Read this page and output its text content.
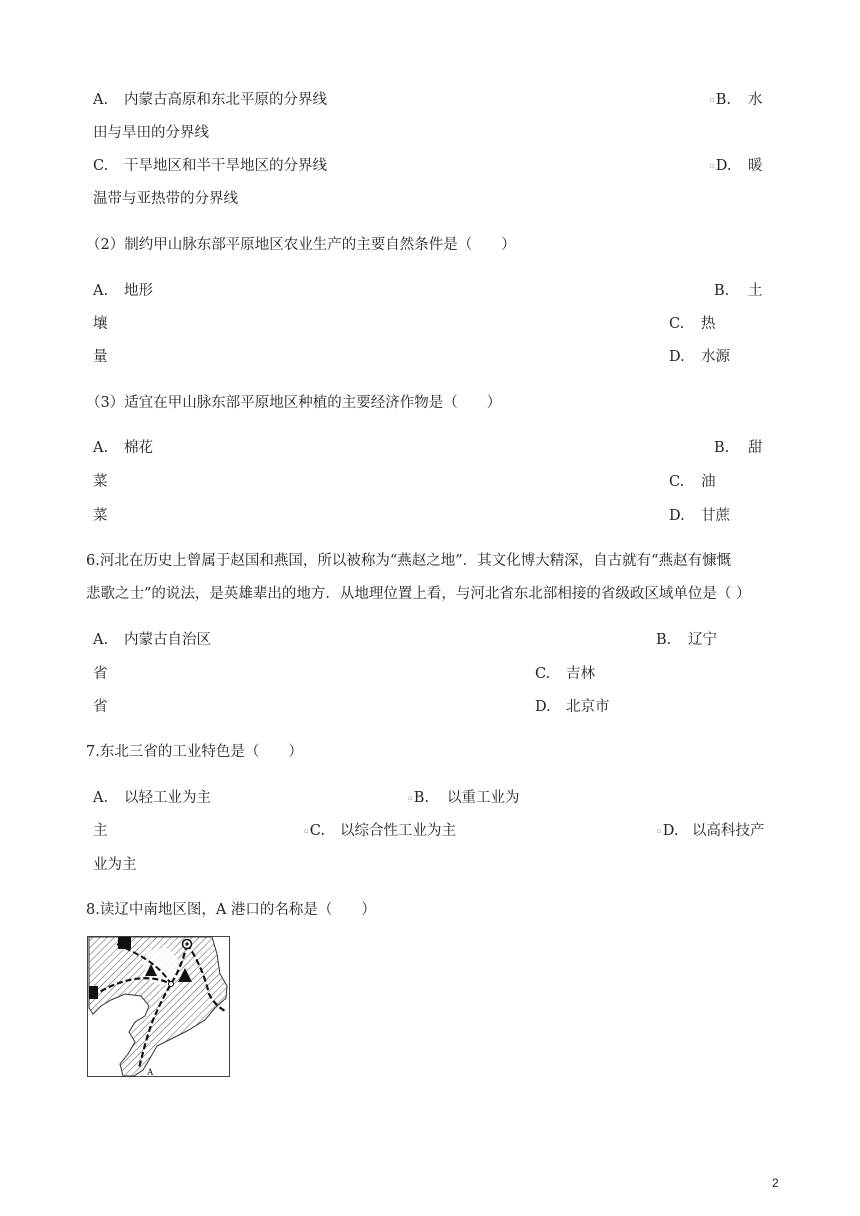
A. 内蒙古高原和东北平原的分界线	▫B. 水
田与旱田的分界线
C. 干旱地区和半干旱地区的分界线	▫D. 暖
温带与亚热带的分界线
（2）制约甲山脉东部平原地区农业生产的主要自然条件是（　　）
A. 地形	B. 土
壤	C. 热
量	D. 水源
（3）适宜在甲山脉东部平原地区种植的主要经济作物是（　　）
A. 棉花	B. 甜
菜	C. 油
菜	D. 甘蔗
6.河北在历史上曾属于赵国和燕国，所以被称为“燕赵之地”．其文化博大精深，自古就有“燕赵有慷慨
悲歌之士”的说法，是英雄辈出的地方．从地理位置上看，与河北省东北部相接的省级政区域单位是（ ）
A. 内蒙古自治区	B. 辽宁
省	C. 吉林
省	D. 北京市
7.东北三省的工业特色是（　　）
A. 以轻工业为主	▫B. 以重工业为
主	▫C. 以综合性工业为主	▫D. 以高科技产
业为主
8.读辽中南地区图，A 港口的名称是（　　）
A
2
